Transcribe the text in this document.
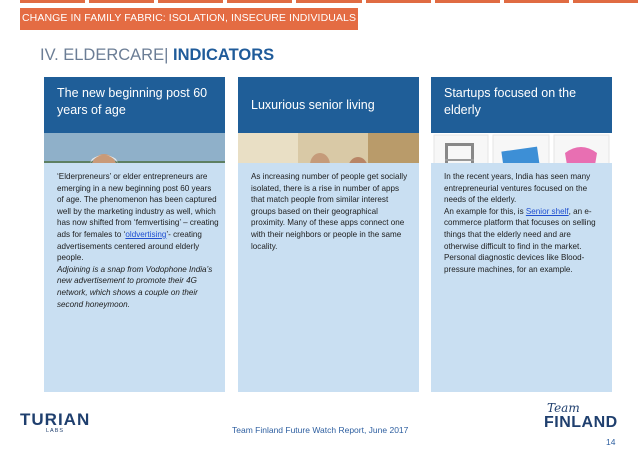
CHANGE IN FAMILY FABRIC: ISOLATION, INSECURE INDIVIDUALS
IV. ELDERCARE| INDICATORS
The new beginning post 60 years of age

‘Elderpreneurs’ or elder entrepreneurs are emerging in a new beginning post 60 years of age. The phenomenon has been captured well by the marketing industry as well, which has now shifted from ‘femvertising’ – creating ads for females to ‘oldvertising’- creating advertisements centered around elderly people.

Adjoining is a snap from Vodophone India’s new advertisement to promote their 4G network, which shows a couple on their second honeymoon.

Luxurious senior living

As increasing number of people get socially isolated, there is a rise in number of apps that match people from similar interest groups based on their geographical proximity. Many of these apps connect one with their neighbors or people in the same locality.

Startups focused on the elderly

In the recent years, India has seen many entrepreneurial ventures focused on the needs of the elderly.

An example for this, is Senior shelf, an e-commerce platform that focuses on selling things that the elderly need and are otherwise difficult to find in the market. Personal diagnostic devices like Blood-pressure machines, for an example.

TURIAN
LABS	Team Finland Future Watch Report, June 2017
Team
FINLAND
14
